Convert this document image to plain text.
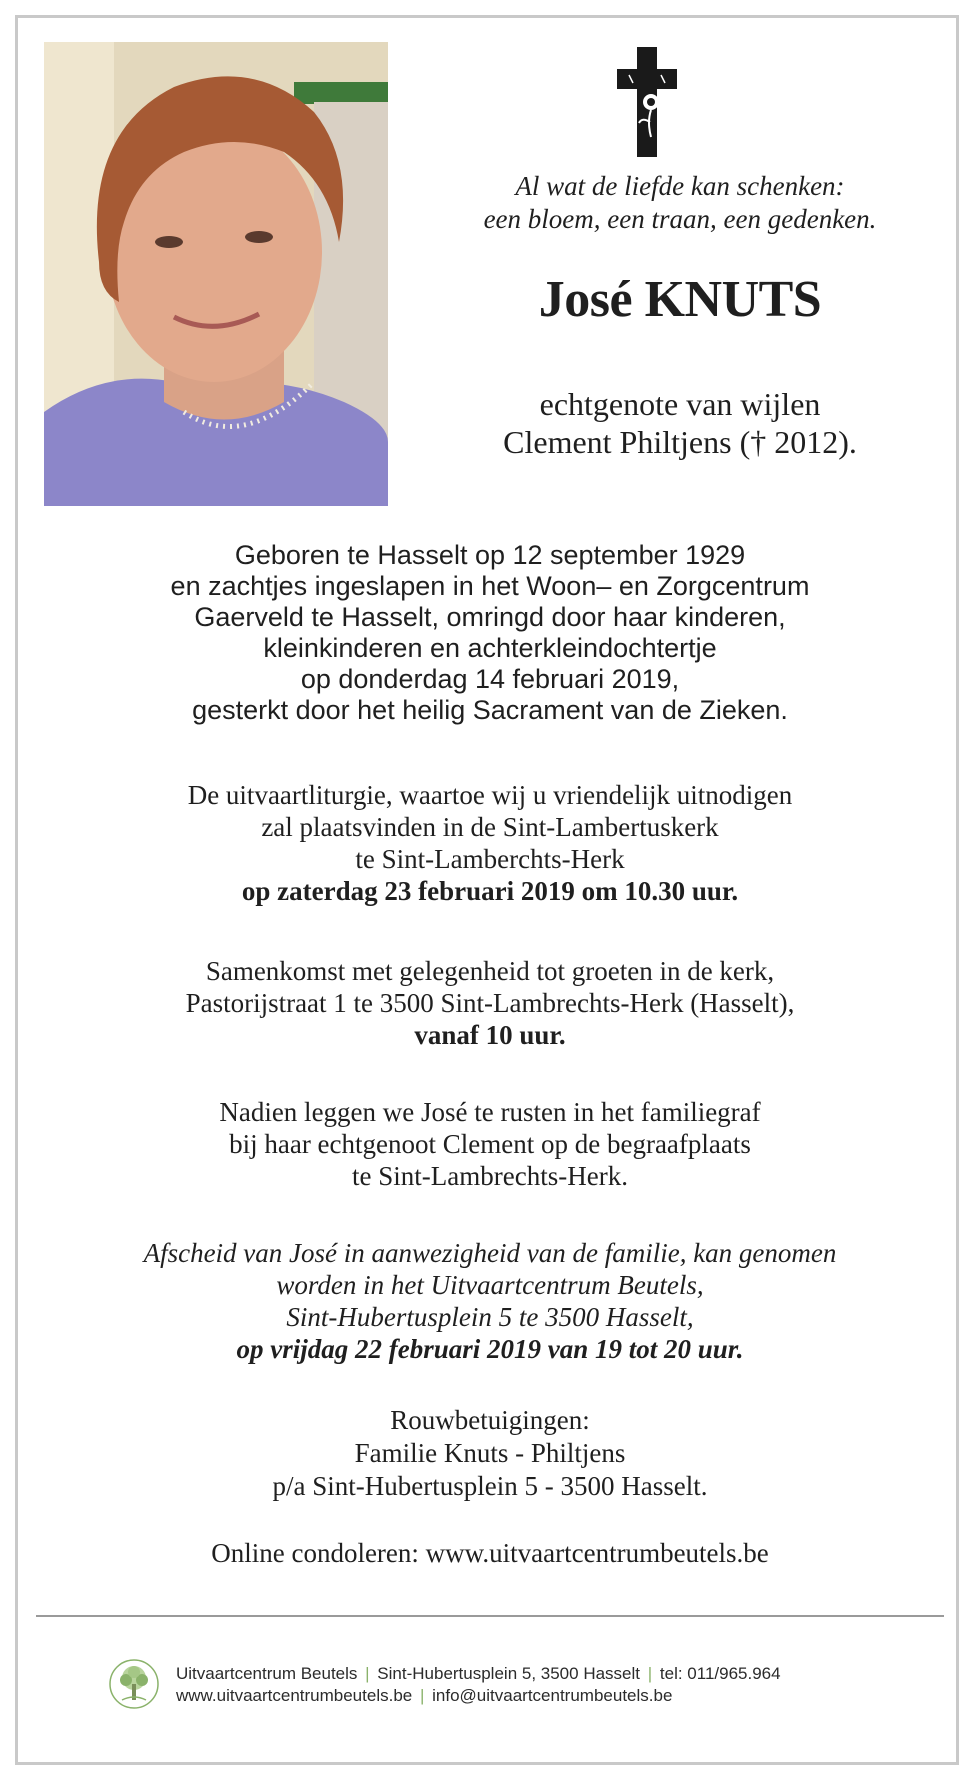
Al wat de liefde kan schenken:
een bloem, een traan, een gedenken.
José KNUTS
echtgenote van wijlen
Clement Philtjens († 2012).
Geboren te Hasselt op 12 september 1929
en zachtjes ingeslapen in het Woon– en Zorgcentrum
Gaerveld te Hasselt, omringd door haar kinderen,
kleinkinderen en achterkleindochtertje
op donderdag 14 februari 2019,
gesterkt door het heilig Sacrament van de Zieken.
De uitvaartliturgie, waartoe wij u vriendelijk uitnodigen
zal plaatsvinden in de Sint-Lambertuskerk
te Sint-Lamberchts-Herk
op zaterdag 23 februari 2019 om 10.30 uur.
Samenkomst met gelegenheid tot groeten in de kerk,
Pastorijstraat 1 te 3500 Sint-Lambrechts-Herk (Hasselt),
vanaf 10 uur.
Nadien leggen we José te rusten in het familiegraf
bij haar echtgenoot Clement op de begraafplaats
te Sint-Lambrechts-Herk.
Afscheid van José in aanwezigheid van de familie, kan genomen
worden in het Uitvaartcentrum Beutels,
Sint-Hubertusplein 5 te 3500 Hasselt,
op vrijdag 22 februari 2019 van 19 tot 20 uur.
Rouwbetuigingen:
Familie Knuts - Philtjens
p/a Sint-Hubertusplein 5 - 3500 Hasselt.
Online condoleren: www.uitvaartcentrumbeutels.be
Uitvaartcentrum Beutels | Sint-Hubertusplein 5, 3500 Hasselt | tel: 011/965.964
www.uitvaartcentrumbeutels.be | info@uitvaartcentrumbeutels.be
